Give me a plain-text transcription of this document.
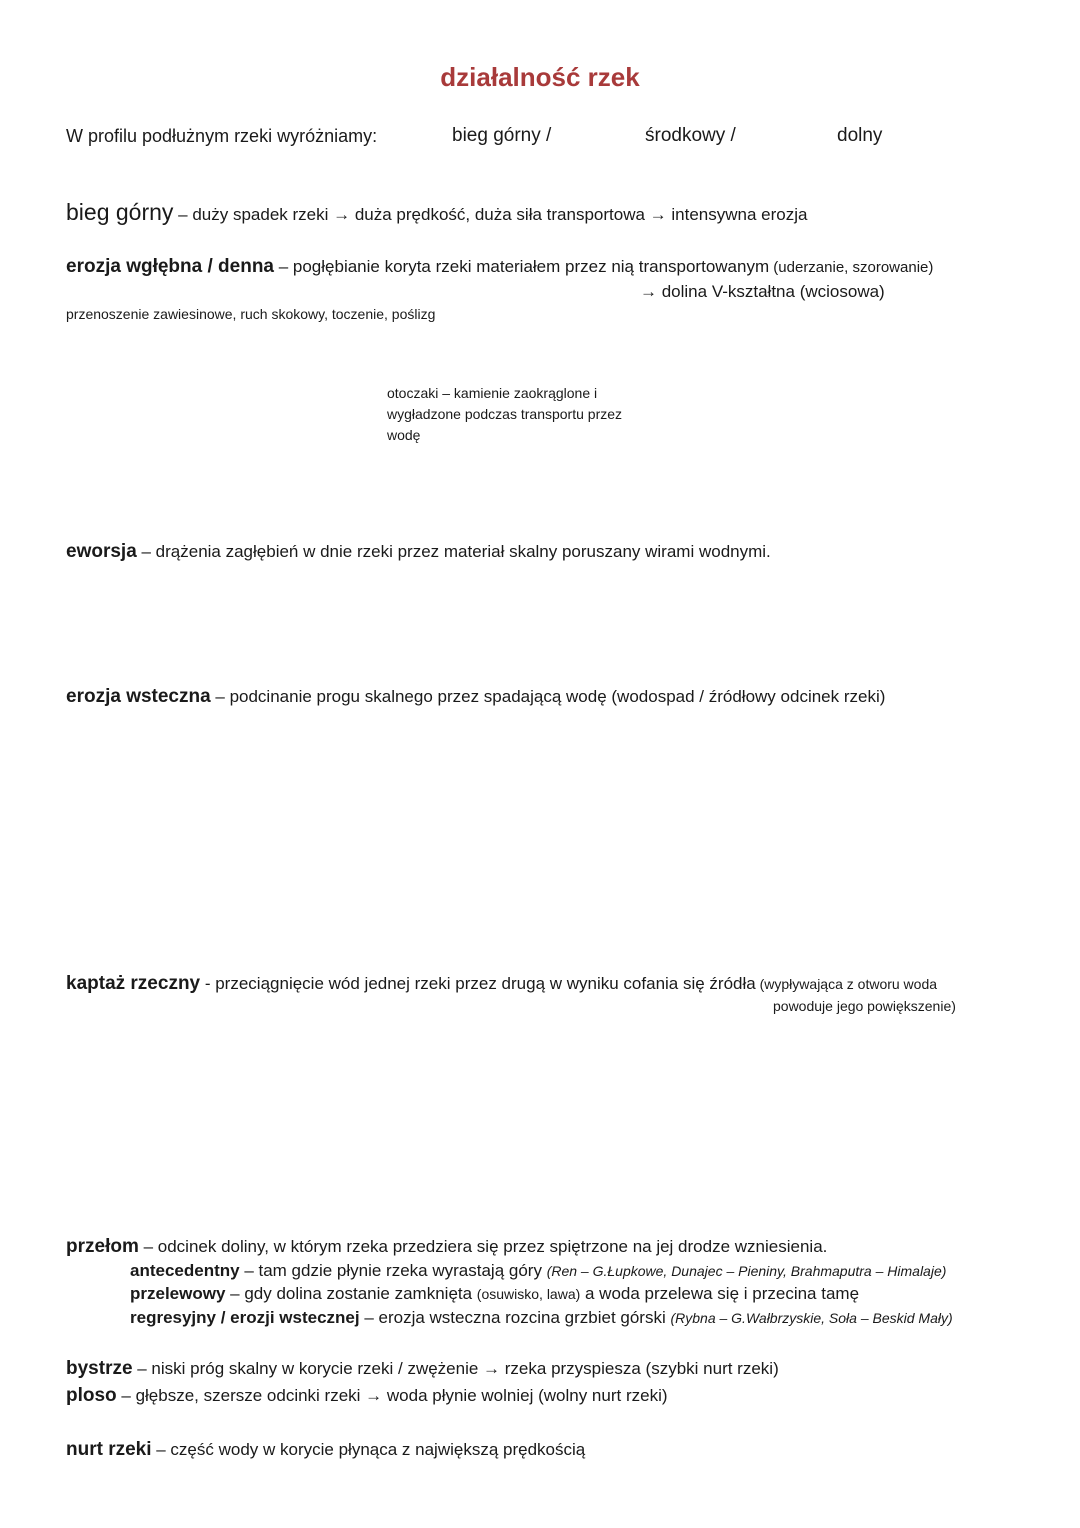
działalność rzek
W profilu podłużnym rzeki wyróżniamy:	bieg górny /	środkowy /	dolny
bieg górny – duży spadek rzeki → duża prędkość, duża siła transportowa → intensywna erozja
erozja wgłębna / denna – pogłębianie koryta rzeki materiałem przez nią transportowanym (uderzanie, szorowanie)
→ dolina V-kształtna (wciosowa)
przenoszenie zawiesinowe, ruch skokowy, toczenie, poślizg
otoczaki – kamienie zaokrąglone i wygładzone podczas transportu przez wodę
eworsja – drążenia zagłębień w dnie rzeki przez materiał skalny poruszany wirami wodnymi.
erozja wsteczna – podcinanie progu skalnego przez spadającą wodę (wodospad / źródłowy odcinek rzeki)
kaptaż rzeczny - przeciągnięcie wód jednej rzeki przez drugą w wyniku cofania się źródła (wypływająca z otworu woda
powoduje jego powiększenie)
przełom – odcinek doliny, w którym rzeka przedziera się przez spiętrzone na jej drodze wzniesienia.
antecedentny – tam gdzie płynie rzeka wyrastają góry (Ren – G.Łupkowe, Dunajec – Pieniny, Brahmaputra – Himalaje)
przelewowy – gdy dolina zostanie zamknięta (osuwisko, lawa) a woda przelewa się i przecina tamę
regresyjny / erozji wstecznej – erozja wsteczna rozcina grzbiet górski (Rybna – G.Wałbrzyskie, Soła – Beskid Mały)
bystrze – niski próg skalny w korycie rzeki / zwężenie → rzeka przyspiesza (szybki nurt rzeki)
ploso – głębsze, szersze odcinki rzeki → woda płynie wolniej (wolny nurt rzeki)
nurt rzeki – część wody w korycie płynąca z największą prędkością
